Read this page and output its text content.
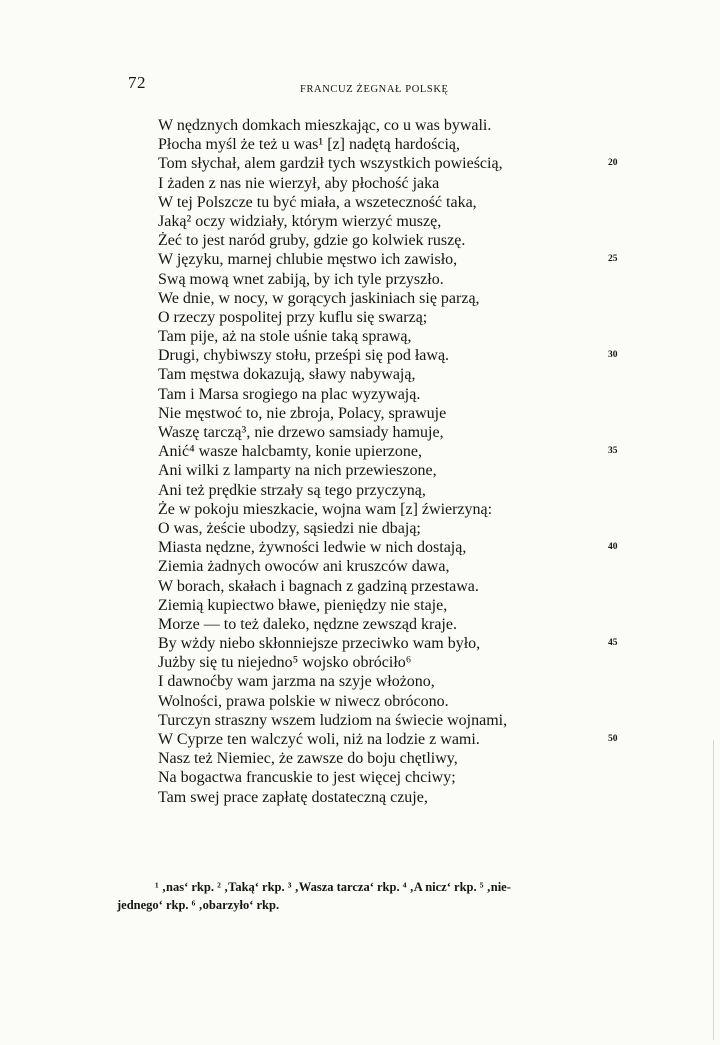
72	FRANCUZ ŻEGNAŁ POLSKĘ
W nędznych domkach mieszkając, co u was bywali.
Płocha myśl że też u was¹ [z] nadętą hardością,
Tom słychał, alem gardził tych wszystkich powieścią,	20
I żaden z nas nie wierzył, aby płochość jaka
W tej Polszcze tu być miała, a wszeteczność taka,
Jaką² oczy widziały, którym wierzyć muszę,
Żeć to jest naród gruby, gdzie go kolwiek ruszę.
W języku, marnej chlubie męstwo ich zawisło,	25
Swą mową wnet zabiją, by ich tyle przyszło.
We dnie, w nocy, w gorących jaskiniach się parzą,
O rzeczy pospolitej przy kuflu się swarzą;
Tam pije, aż na stole uśnie taką sprawą,
Drugi, chybiwszy stołu, prześpi się pod ławą.	30
Tam męstwa dokazują, sławy nabywają,
Tam i Marsa srogiego na plac wyzywają.
Nie męstwoć to, nie zbroja, Polacy, sprawuje
Waszę tarczą³, nie drzewo samsiady hamuje,
Anić⁴ wasze halcbamty, konie upierzone,	35
Ani wilki z lamparty na nich przewieszone,
Ani też prędkie strzały są tego przyczyną,
Że w pokoju mieszkacie, wojna wam [z] źwierzyną:
O was, żeście ubodzy, sąsiedzi nie dbają;
Miasta nędzne, żywności ledwie w nich dostają,	40
Ziemia żadnych owoców ani kruszców dawa,
W borach, skałach i bagnach z gadziną przestawa.
Ziemią kupiectwo bławe, pieniędzy nie staje,
Morze — to też daleko, nędzne zewsząd kraje.
By wżdy niebo skłonniejsze przeciwko wam było,	45
Jużby się tu niejedno⁵ wojsko obróciło⁶
I dawnoćby wam jarzma na szyje włożono,
Wolności, prawa polskie w niwecz obrócono.
Turczyn straszny wszem ludziom na świecie wojnami,
W Cyprze ten walczyć woli, niż na lodzie z wami.	50
Nasz też Niemiec, że zawsze do boju chętliwy,
Na bogactwa francuskie to jest więcej chciwy;
Tam swej prace zapłatę dostateczną czuje,
¹ ‚nas‘ rkp. ² ‚Taką‘ rkp. ³ ‚Wasza tarcza‘ rkp. ⁴ ‚A nicz‘ rkp. ⁵ ‚nie-
jednego‘ rkp. ⁶ ‚obarzyło‘ rkp.
